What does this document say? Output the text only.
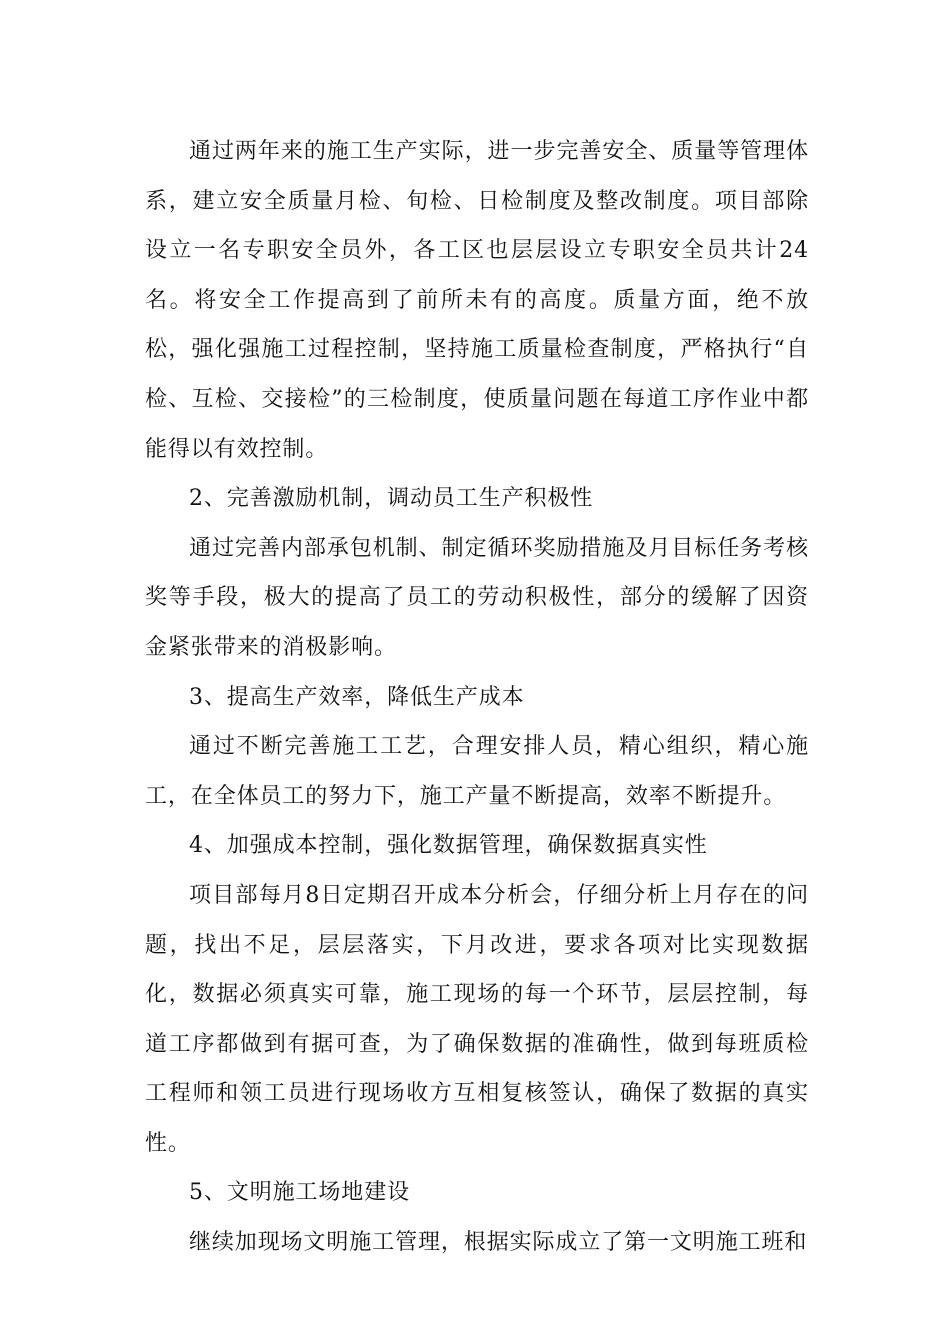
通过两年来的施工生产实际，进一步完善安全、质量等管理体系，建立安全质量月检、旬检、日检制度及整改制度。项目部除设立一名专职安全员外，各工区也层层设立专职安全员共计24名。将安全工作提高到了前所未有的高度。质量方面，绝不放松，强化强施工过程控制，坚持施工质量检查制度，严格执行“自检、互检、交接检”的三检制度，使质量问题在每道工序作业中都能得以有效控制。

2、完善激励机制，调动员工生产积极性

通过完善内部承包机制、制定循环奖励措施及月目标任务考核奖等手段，极大的提高了员工的劳动积极性，部分的缓解了因资金紧张带来的消极影响。

3、提高生产效率，降低生产成本

通过不断完善施工工艺，合理安排人员，精心组织，精心施工，在全体员工的努力下，施工产量不断提高，效率不断提升。

4、加强成本控制，强化数据管理，确保数据真实性

项目部每月8日定期召开成本分析会，仔细分析上月存在的问题，找出不足，层层落实，下月改进，要求各项对比实现数据化，数据必须真实可靠，施工现场的每一个环节，层层控制，每道工序都做到有据可查，为了确保数据的准确性，做到每班质检工程师和领工员进行现场收方互相复核签认，确保了数据的真实性。

5、文明施工场地建设

继续加现场文明施工管理，根据实际成立了第一文明施工班和
